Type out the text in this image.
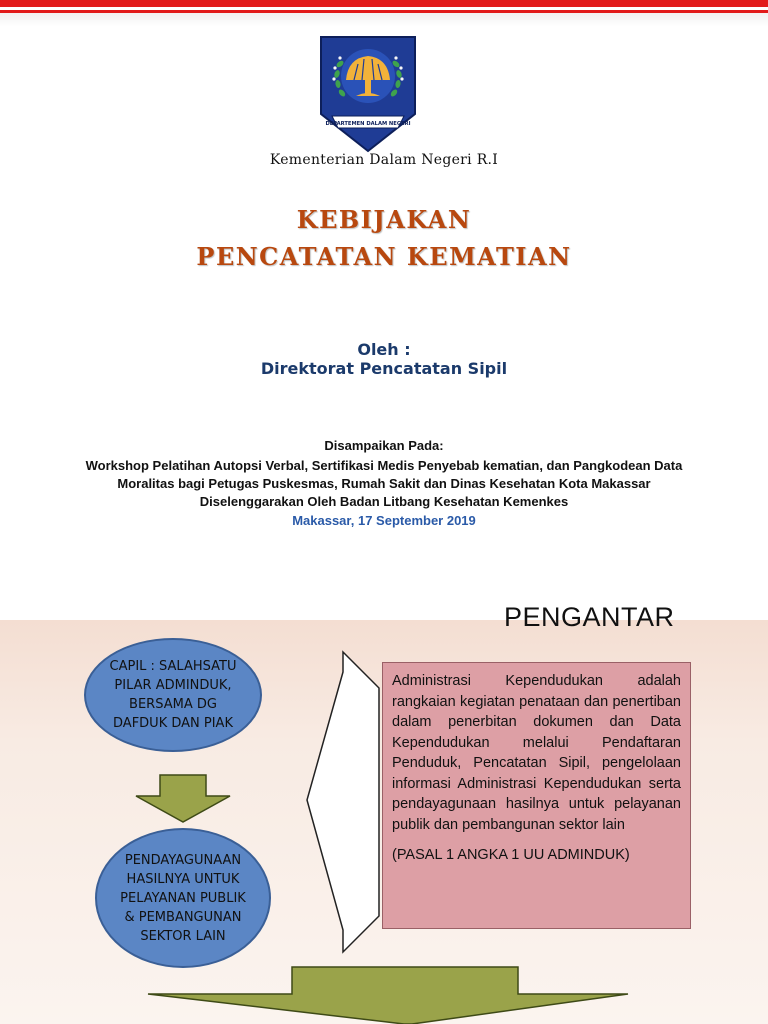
DEPARTEMEN DALAM NEGERI
Kementerian Dalam Negeri R.I
KEBIJAKAN
PENCATATAN KEMATIAN
Oleh :
Direktorat Pencatatan Sipil
Disampaikan Pada:
Workshop Pelatihan Autopsi Verbal, Sertifikasi Medis Penyebab kematian, dan Pangkodean Data
Moralitas bagi Petugas Puskesmas, Rumah Sakit dan Dinas Kesehatan Kota Makassar
Diselenggarakan Oleh Badan Litbang Kesehatan Kemenkes
Makassar, 17 September 2019
PENGANTAR
CAPIL : SALAHSATU
PILAR ADMINDUK,
BERSAMA DG
DAFDUK DAN PIAK
PENDAYAGUNAAN
HASILNYA UNTUK
PELAYANAN PUBLIK
& PEMBANGUNAN
SEKTOR LAIN
Administrasi Kependudukan adalah rangkaian kegiatan penataan dan penertiban dalam penerbitan dokumen dan Data Kependudukan melalui Pendaftaran Penduduk, Pencatatan Sipil, pengelolaan informasi Administrasi Kependudukan serta pendayagunaan hasilnya untuk pelayanan publik dan pembangunan sektor lain
(PASAL 1 ANGKA 1 UU ADMINDUK)
